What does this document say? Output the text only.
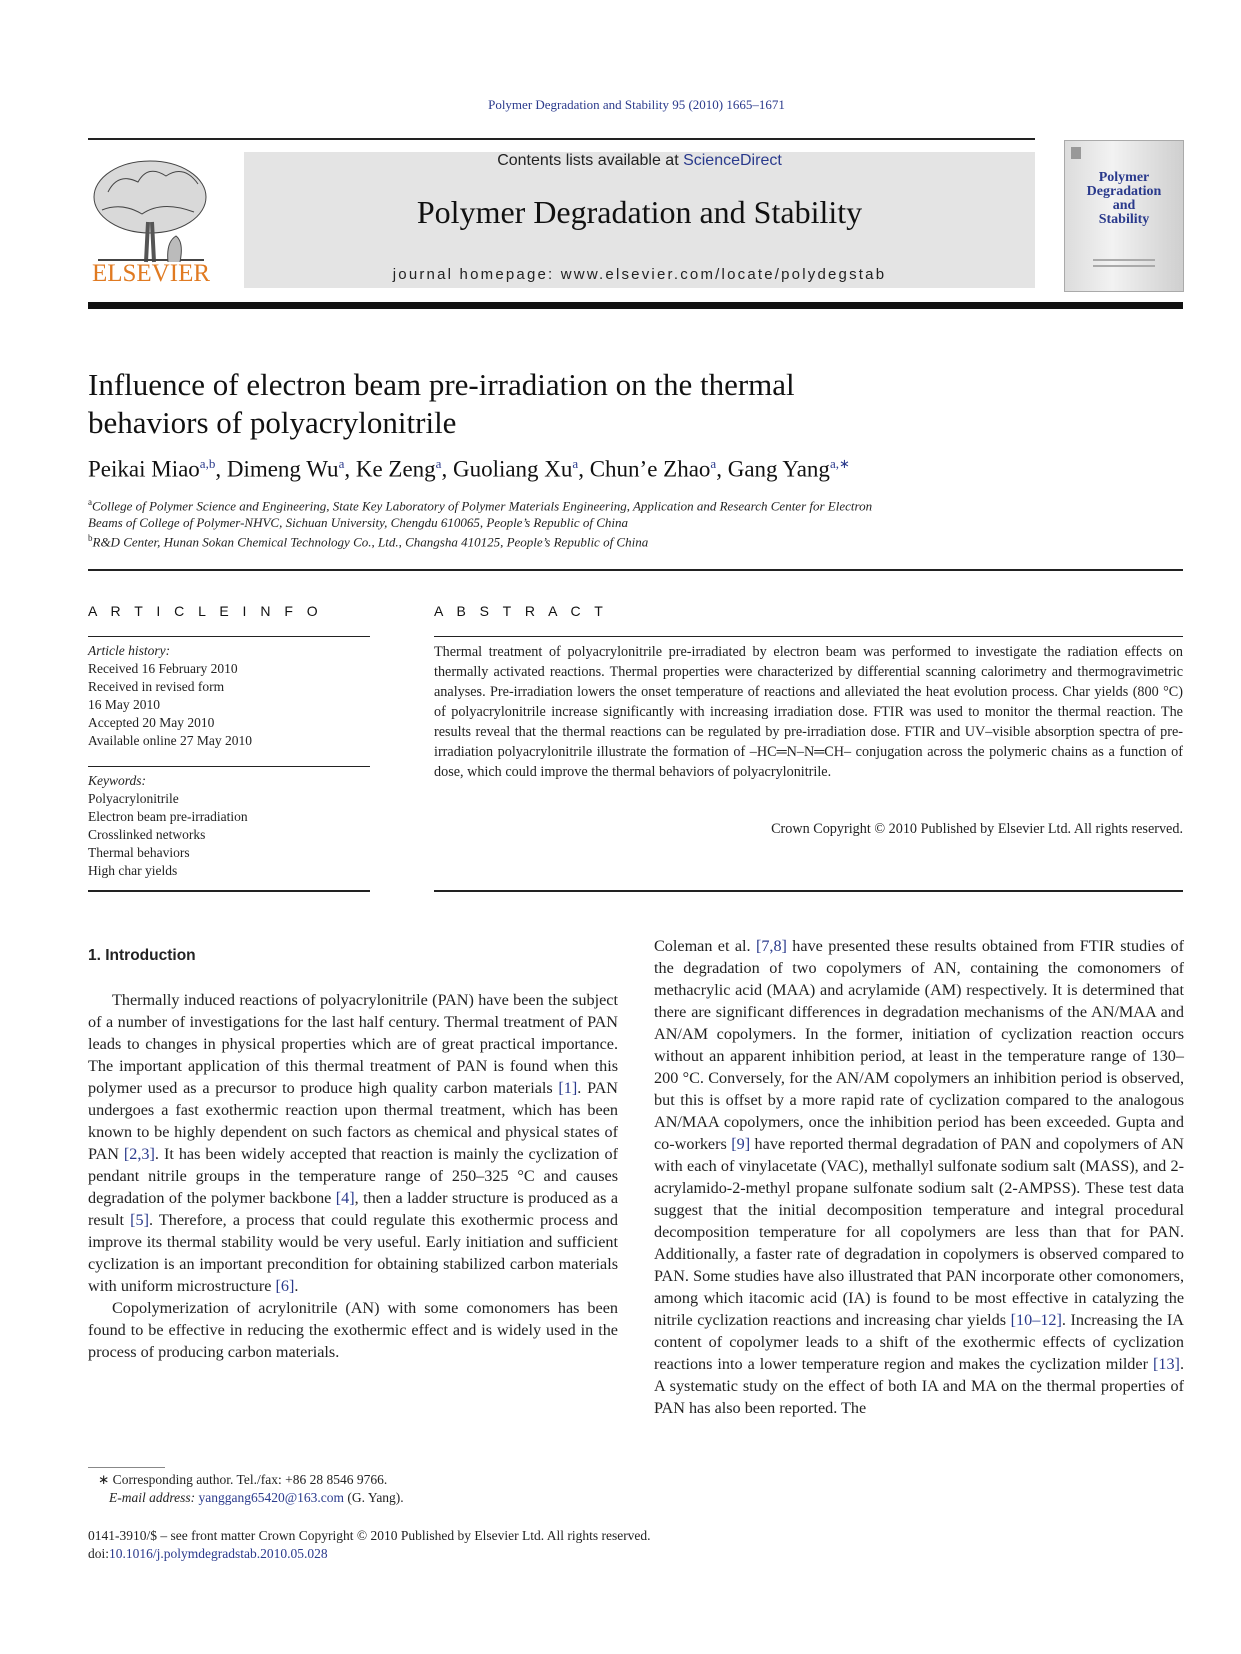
Polymer Degradation and Stability 95 (2010) 1665–1671
ELSEVIER
Contents lists available at ScienceDirect
Polymer Degradation and Stability
journal homepage: www.elsevier.com/locate/polydegstab
Polymer
Degradation
and
Stability
Influence of electron beam pre-irradiation on the thermal
behaviors of polyacrylonitrile
Peikai Miao$^{a,b}$, Dimeng Wu$^a$, Ke Zeng$^a$, Guoliang Xu$^a$, Chun’e Zhao$^a$, Gang Yang$^{a,∗}$
$^a$College of Polymer Science and Engineering, State Key Laboratory of Polymer Materials Engineering, Application and Research Center for Electron
Beams of College of Polymer-NHVC, Sichuan University, Chengdu 610065, People’s Republic of China
$^b$R&D Center, Hunan Sokan Chemical Technology Co., Ltd., Changsha 410125, People’s Republic of China
A R T I C L E I N F O
Article history:
Received 16 February 2010
Received in revised form
16 May 2010
Accepted 20 May 2010
Available online 27 May 2010
Keywords:
Polyacrylonitrile
Electron beam pre-irradiation
Crosslinked networks
Thermal behaviors
High char yields
A B S T R A C T
Thermal treatment of polyacrylonitrile pre-irradiated by electron beam was performed to investigate the radiation effects on thermally activated reactions. Thermal properties were characterized by differential scanning calorimetry and thermogravimetric analyses. Pre-irradiation lowers the onset temperature of reactions and alleviated the heat evolution process. Char yields (800 °C) of polyacrylonitrile increase significantly with increasing irradiation dose. FTIR was used to monitor the thermal reaction. The results reveal that the thermal reactions can be regulated by pre-irradiation dose. FTIR and UV–visible absorption spectra of pre-irradiation polyacrylonitrile illustrate the formation of –HC═N–N═CH– conjugation across the polymeric chains as a function of dose, which could improve the thermal behaviors of polyacrylonitrile.
Crown Copyright © 2010 Published by Elsevier Ltd. All rights reserved.
1. Introduction

Thermally induced reactions of polyacrylonitrile (PAN) have been the subject of a number of investigations for the last half century. Thermal treatment of PAN leads to changes in physical properties which are of great practical importance. The important application of this thermal treatment of PAN is found when this polymer used as a precursor to produce high quality carbon materials [1]. PAN undergoes a fast exothermic reaction upon thermal treatment, which has been known to be highly dependent on such factors as chemical and physical states of PAN [2,3]. It has been widely accepted that reaction is mainly the cyclization of pendant nitrile groups in the temperature range of 250–325 °C and causes degradation of the polymer backbone [4], then a ladder structure is produced as a result [5]. Therefore, a process that could regulate this exothermic process and improve its thermal stability would be very useful. Early initiation and sufficient cyclization is an important precondition for obtaining stabilized carbon materials with uniform microstructure [6].

Copolymerization of acrylonitrile (AN) with some comonomers has been found to be effective in reducing the exothermic effect and is widely used in the process of producing carbon materials.

Coleman et al. [7,8] have presented these results obtained from FTIR studies of the degradation of two copolymers of AN, containing the comonomers of methacrylic acid (MAA) and acrylamide (AM) respectively. It is determined that there are significant differences in degradation mechanisms of the AN/MAA and AN/AM copolymers. In the former, initiation of cyclization reaction occurs without an apparent inhibition period, at least in the temperature range of 130–200 °C. Conversely, for the AN/AM copolymers an inhibition period is observed, but this is offset by a more rapid rate of cyclization compared to the analogous AN/MAA copolymers, once the inhibition period has been exceeded. Gupta and co-workers [9] have reported thermal degradation of PAN and copolymers of AN with each of vinylacetate (VAC), methallyl sulfonate sodium salt (MASS), and 2-acrylamido-2-methyl propane sulfonate sodium salt (2-AMPSS). These test data suggest that the initial decomposition temperature and integral procedural decomposition temperature for all copolymers are less than that for PAN. Additionally, a faster rate of degradation in copolymers is observed compared to PAN. Some studies have also illustrated that PAN incorporate other comonomers, among which itacomic acid (IA) is found to be most effective in catalyzing the nitrile cyclization reactions and increasing char yields [10–12]. Increasing the IA content of copolymer leads to a shift of the exothermic effects of cyclization reactions into a lower temperature region and makes the cyclization milder [13]. A systematic study on the effect of both IA and MA on the thermal properties of PAN has also been reported. The

∗ Corresponding author. Tel./fax: +86 28 8546 9766.
E-mail address: yanggang65420@163.com (G. Yang).
0141-3910/$ – see front matter Crown Copyright © 2010 Published by Elsevier Ltd. All rights reserved.
doi:10.1016/j.polymdegradstab.2010.05.028
